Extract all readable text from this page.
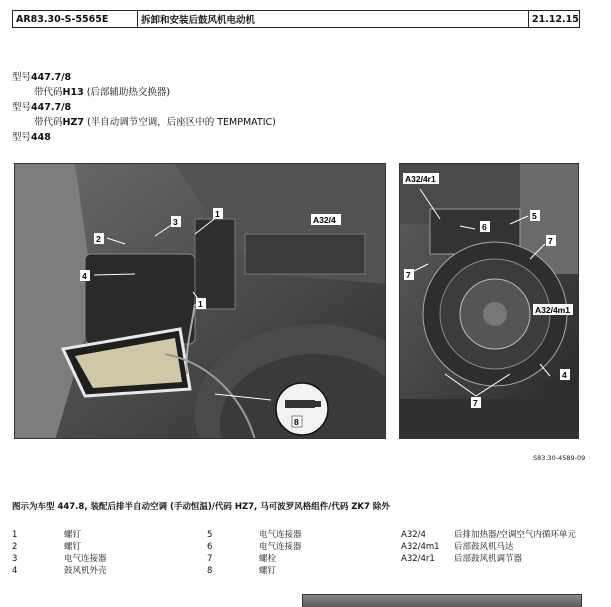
AR83.30-S-5565E	拆卸和安装后鼓风机电动机	21.12.15
型号447.7/8
带代码H13 (后部辅助热交换器)
型号447.7/8
带代码HZ7 (半自动调节空调，后座区中的 TEMPMATIC)
型号448
1
2
3
4
1
8
A32/4
A32/4r1
6
5
7
7
A32/4m1
4
7
S83.30-4589-09
图示为车型 447.8, 装配后排半自动空调 (手动恒温)/代码 HZ7, 马可波罗风格组件/代码 ZK7 除外
1	螺钉
2	螺钉
3	电气连接器
4	鼓风机外壳
5	电气连接器
6	电气连接器
7	螺栓
8	螺钉
A32/4	后排加热器/空调空气内循环单元
A32/4m1	后部鼓风机马达
A32/4r1	后部鼓风机调节器
